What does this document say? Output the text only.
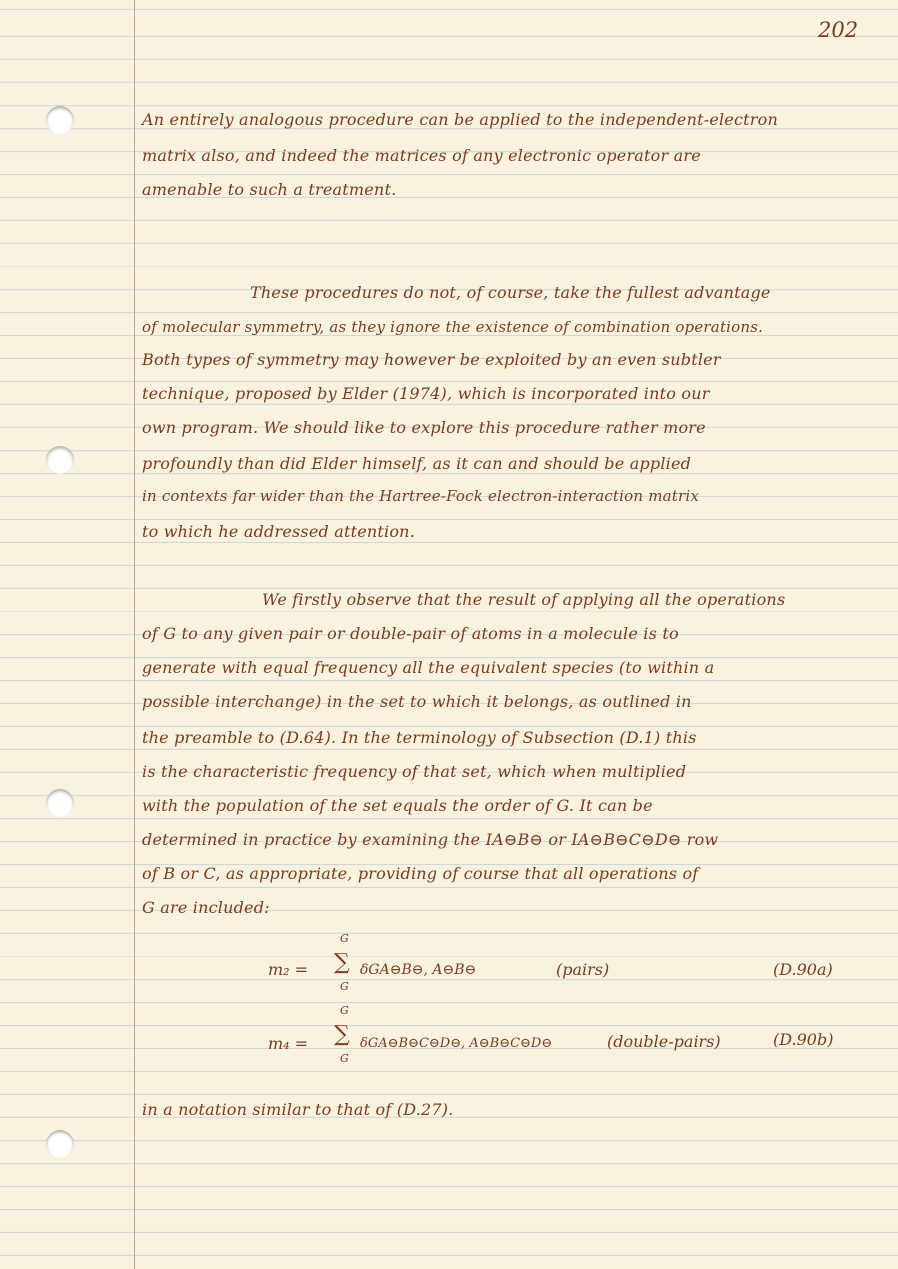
202
An entirely analogous procedure can be applied to the independent-electron
matrix also, and indeed the matrices of any electronic operator are
amenable to such a treatment.
These procedures do not, of course, take the fullest advantage
of molecular symmetry, as they ignore the existence of combination operations.
Both types of symmetry may however be exploited by an even subtler
technique, proposed by Elder (1974), which is incorporated into our
own program. We should like to explore this procedure rather more
profoundly than did Elder himself, as it can and should be applied
in contexts far wider than the Hartree-Fock electron-interaction matrix
to which he addressed attention.
We firstly observe that the result of applying all the operations
of G to any given pair or double-pair of atoms in a molecule is to
generate with equal frequency all the equivalent species (to within a
possible interchange) in the set to which it belongs, as outlined in
the preamble to (D.64). In the terminology of Subsection (D.1) this
is the characteristic frequency of that set, which when multiplied
with the population of the set equals the order of G. It can be
determined in practice by examining the IA⊖B⊖ or IA⊖B⊖C⊖D⊖ row
of B or C, as appropriate, providing of course that all operations of
G are included:
m₂ =
G
∑
G
δGA⊖B⊖, A⊖B⊖	(pairs)	(D.90a)
m₄ =
G
∑
G
δGA⊖B⊖C⊖D⊖, A⊖B⊖C⊖D⊖	(double-pairs)	(D.90b)
in a notation similar to that of (D.27).
